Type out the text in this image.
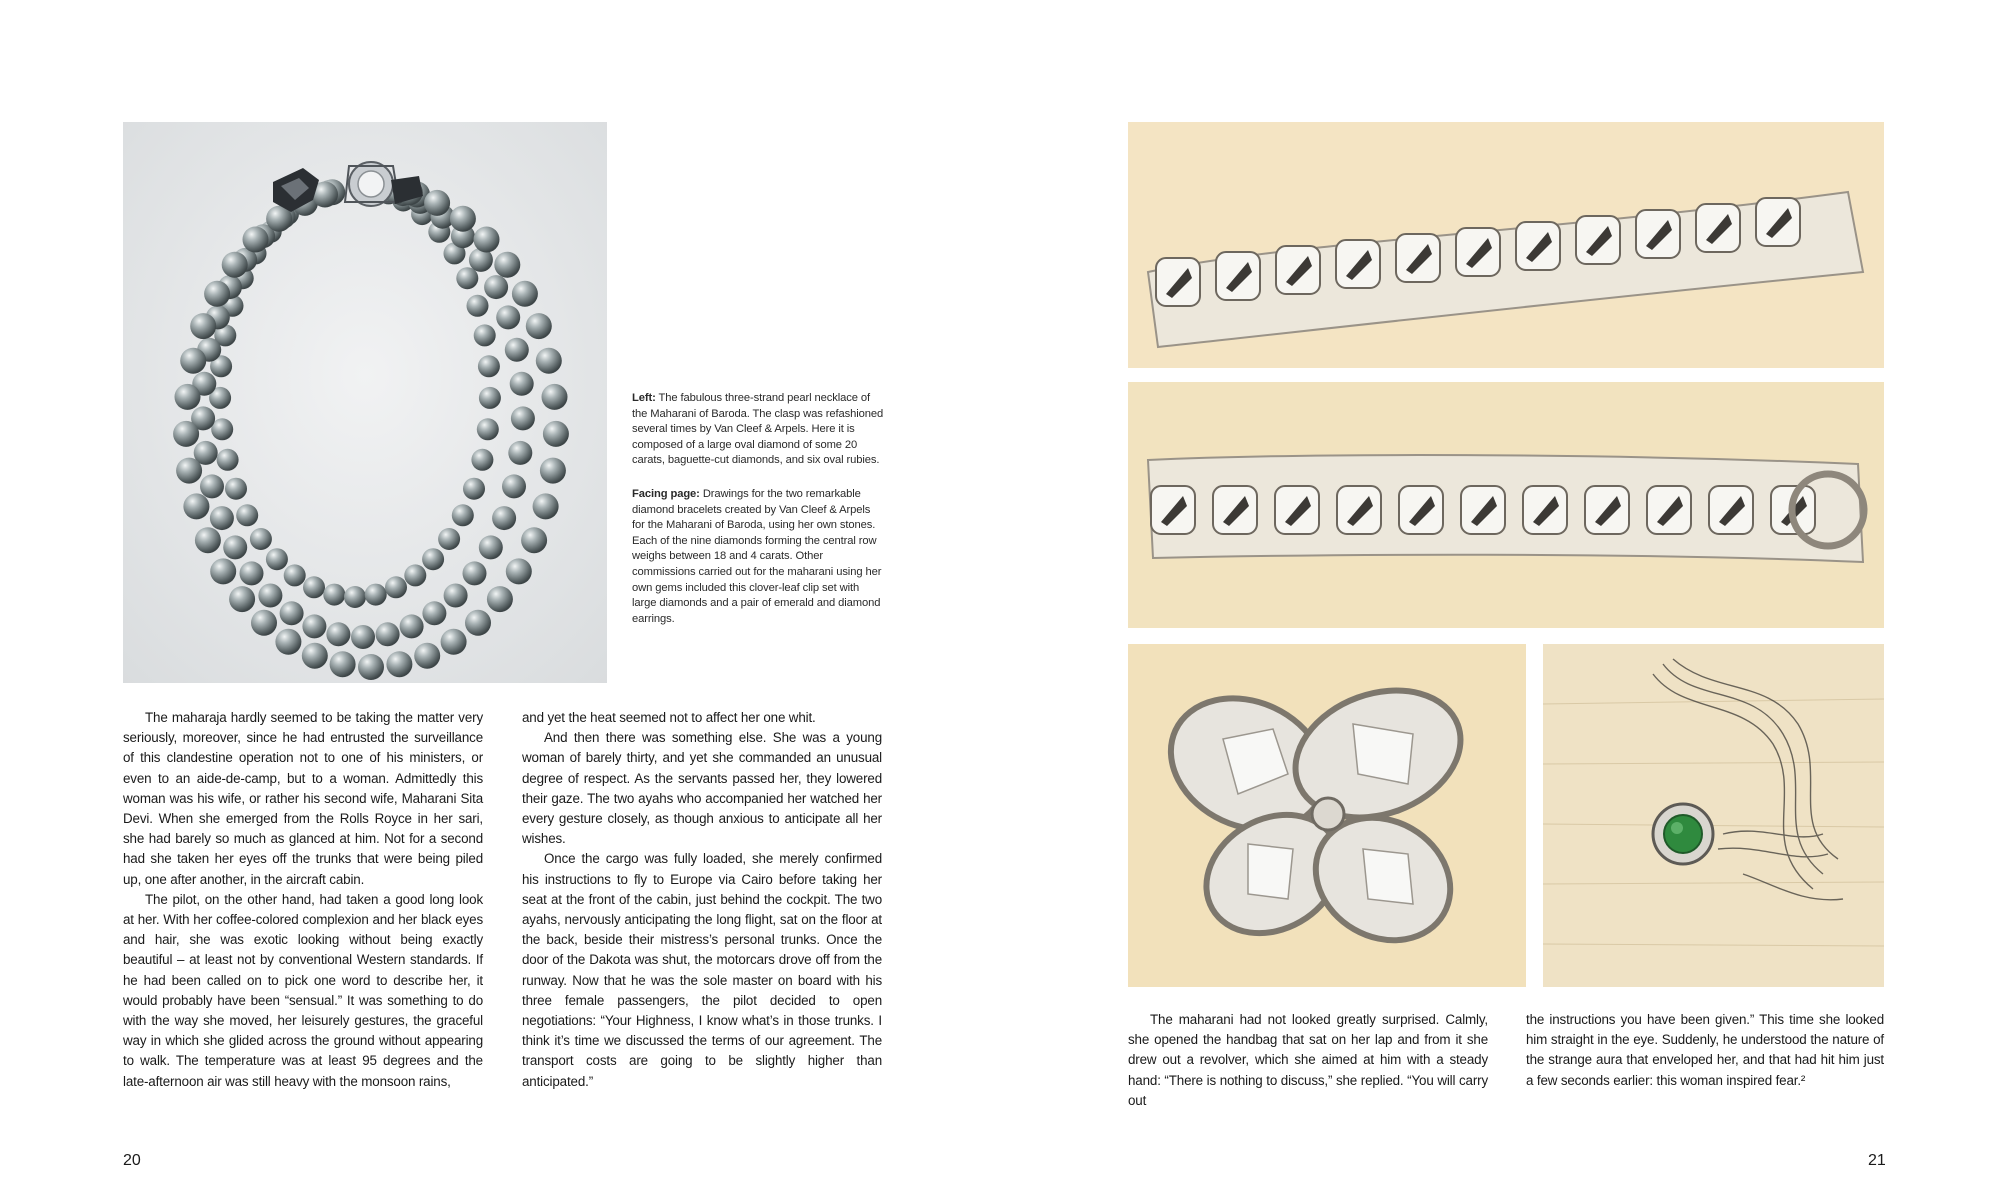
Left: The fabulous three-strand pearl necklace of the Maharani of Baroda. The clasp was refashioned several times by Van Cleef & Arpels. Here it is composed of a large oval diamond of some 20 carats, baguette-cut diamonds, and six oval rubies.

Facing page: Drawings for the two remarkable diamond bracelets created by Van Cleef & Arpels for the Maharani of Baroda, using her own stones. Each of the nine diamonds forming the central row weighs between 18 and 4 carats. Other commissions carried out for the maharani using her own gems included this clover-leaf clip set with large diamonds and a pair of emerald and diamond earrings.

The maharaja hardly seemed to be taking the matter very seriously, moreover, since he had entrusted the surveillance of this clandestine operation not to one of his ministers, or even to an aide-de-camp, but to a woman. Admittedly this woman was his wife, or rather his second wife, Maharani Sita Devi. When she emerged from the Rolls Royce in her sari, she had barely so much as glanced at him. Not for a second had she taken her eyes off the trunks that were being piled up, one after another, in the aircraft cabin.

The pilot, on the other hand, had taken a good long look at her. With her coffee-colored complexion and her black eyes and hair, she was exotic looking without being exactly beautiful – at least not by conventional Western standards. If he had been called on to pick one word to describe her, it would probably have been “sensual.” It was something to do with the way she moved, her leisurely gestures, the graceful way in which she glided across the ground without appearing to walk. The temperature was at least 95 degrees and the late-afternoon air was still heavy with the monsoon rains,

and yet the heat seemed not to affect her one whit.

And then there was something else. She was a young woman of barely thirty, and yet she commanded an unusual degree of respect. As the servants passed her, they lowered their gaze. The two ayahs who accompanied her watched her every gesture closely, as though anxious to anticipate all her wishes.

Once the cargo was fully loaded, she merely confirmed his instructions to fly to Europe via Cairo before taking her seat at the front of the cabin, just behind the cockpit. The two ayahs, nervously anticipating the long flight, sat on the floor at the back, beside their mistress’s personal trunks. Once the door of the Dakota was shut, the motorcars drove off from the runway. Now that he was the sole master on board with his three female passengers, the pilot decided to open negotiations: “Your Highness, I know what’s in those trunks. I think it’s time we discussed the terms of our agreement. The transport costs are going to be slightly higher than anticipated.”

20

The maharani had not looked greatly surprised. Calmly, she opened the handbag that sat on her lap and from it she drew out a revolver, which she aimed at him with a steady hand: “There is nothing to discuss,” she replied. “You will carry out

the instructions you have been given.” This time she looked him straight in the eye. Suddenly, he understood the nature of the strange aura that enveloped her, and that had hit him just a few seconds earlier: this woman inspired fear.²

21
